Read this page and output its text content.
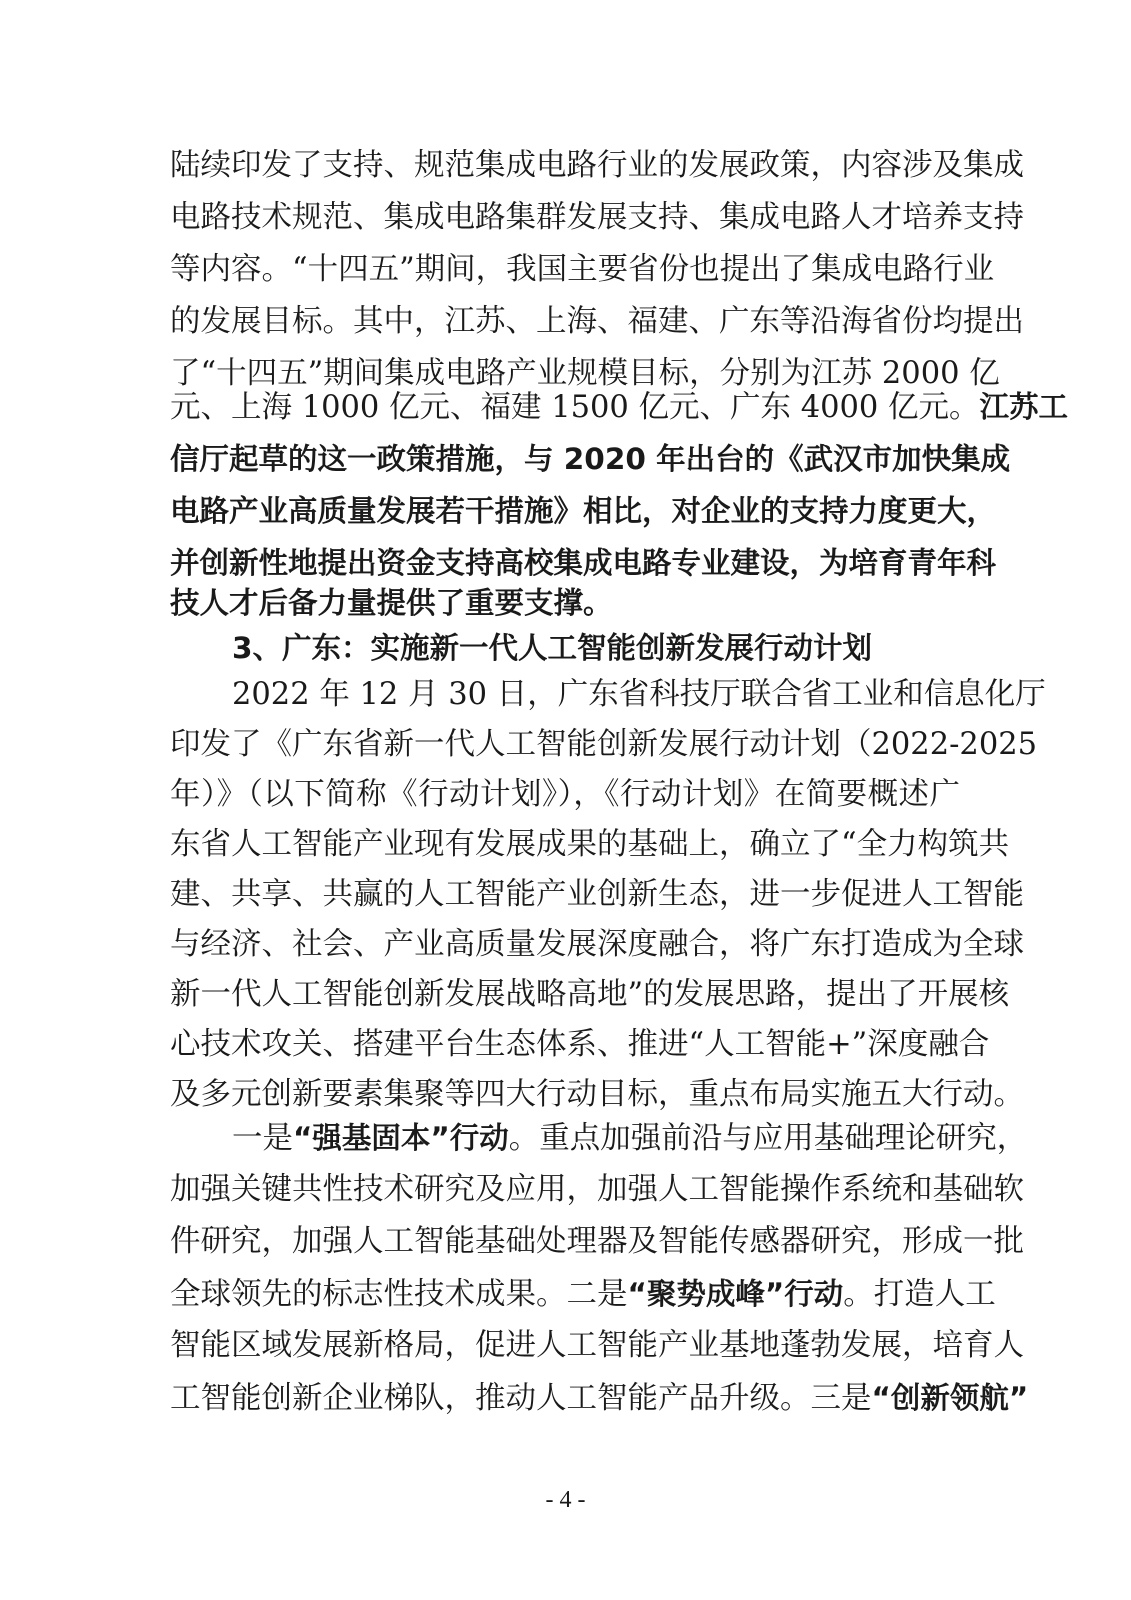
陆续印发了支持、规范集成电路行业的发展政策，内容涉及集成
电路技术规范、集成电路集群发展支持、集成电路人才培养支持
等内容。“十四五”期间，我国主要省份也提出了集成电路行业
的发展目标。其中，江苏、上海、福建、广东等沿海省份均提出
了“十四五”期间集成电路产业规模目标，分别为江苏 2000 亿
元、上海 1000 亿元、福建 1500 亿元、广东 4000 亿元。江苏工
信厅起草的这一政策措施，与 2020 年出台的《武汉市加快集成
电路产业高质量发展若干措施》相比，对企业的支持力度更大，
并创新性地提出资金支持高校集成电路专业建设，为培育青年科
技人才后备力量提供了重要支撑。
3、广东：实施新一代人工智能创新发展行动计划
2022 年 12 月 30 日，广东省科技厅联合省工业和信息化厅
印发了《广东省新一代人工智能创新发展行动计划（2022-2025
年）》（以下简称《行动计划》），《行动计划》在简要概述广
东省人工智能产业现有发展成果的基础上，确立了“全力构筑共
建、共享、共赢的人工智能产业创新生态，进一步促进人工智能
与经济、社会、产业高质量发展深度融合，将广东打造成为全球
新一代人工智能创新发展战略高地”的发展思路，提出了开展核
心技术攻关、搭建平台生态体系、推进“人工智能+”深度融合
及多元创新要素集聚等四大行动目标，重点布局实施五大行动。
一是“强基固本”行动。重点加强前沿与应用基础理论研究，
加强关键共性技术研究及应用，加强人工智能操作系统和基础软
件研究，加强人工智能基础处理器及智能传感器研究，形成一批
全球领先的标志性技术成果。二是“聚势成峰”行动。打造人工
智能区域发展新格局，促进人工智能产业基地蓬勃发展，培育人
工智能创新企业梯队，推动人工智能产品升级。三是“创新领航”
- 4 -
